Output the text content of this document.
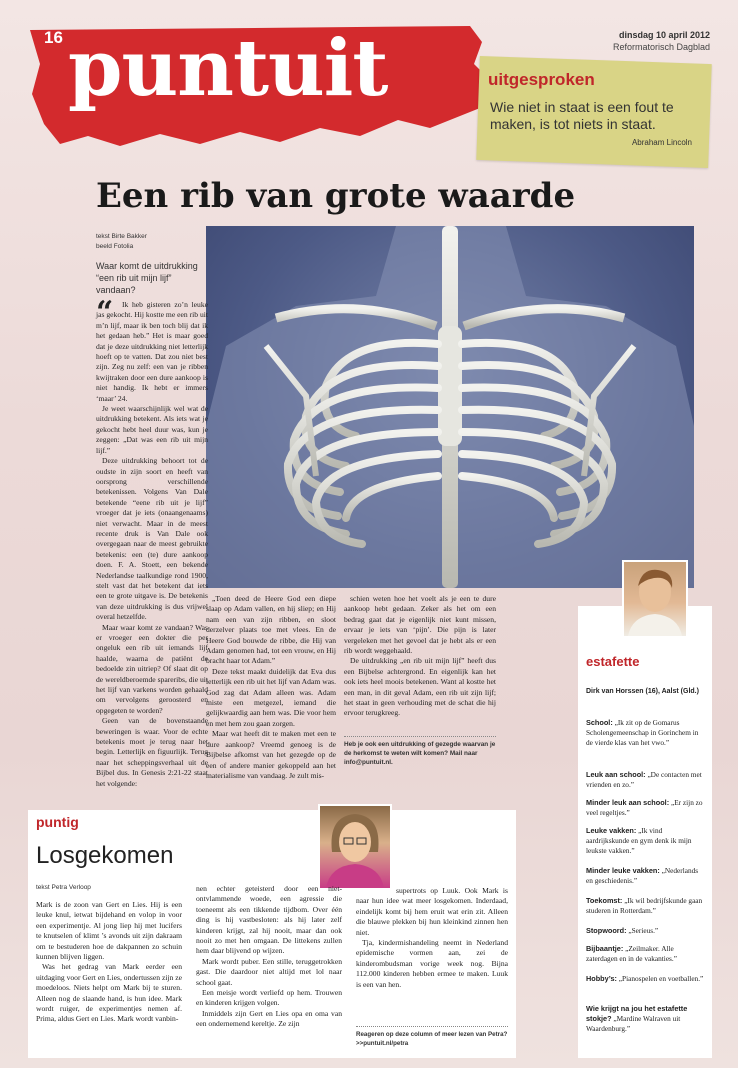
16 puntuit	dinsdag 10 april 2012
Reformatorisch Dagblad
uitgesproken
Wie niet in staat is een fout te maken, is tot niets in staat.
Abraham Lincoln
Een rib van grote waarde
tekst Birte Bakker
beeld Fotolia
Waar komt de uitdrukking “een rib uit mijn lijf” vandaan?
“	Ik heb gisteren zo’n leuke jas gekocht. Hij kostte me een rib uit m’n lijf, maar ik ben toch blij dat ik het gedaan heb.” Het is maar goed dat je deze uitdrukking niet letterlijk hoeft op te vatten. Dat zou niet best zijn. Zeg nu zelf: een van je ribben kwijtraken door een dure aankoop is niet handig. Ik hebt er immers ‘maar’ 24.

Je weet waarschijnlijk wel wat de uitdrukking betekent. Als iets wat je gekocht hebt heel duur was, kun je zeggen: „Dat was een rib uit mijn lijf.”

Deze uitdrukking behoort tot de oudste in zijn soort en heeft van oorsprong verschillende betekenissen. Volgens Van Dale betekende “eene rib uit je lijf” vroeger dat je iets (onaangenaams) niet verwacht. Maar in de meest recente druk is Van Dale ook overgegaan naar de meest gebruikte betekenis: een (te) dure aankoop doen. F. A. Stoett, een bekende Nederlandse taalkundige rond 1900, stelt vast dat het betekent dat iets een te grote uitgave is. De betekenis van deze uitdrukking is dus vrijwel overal hetzelfde.

Maar waar komt ze vandaan? Was er vroeger een dokter die per ongeluk een rib uit iemands lijf haalde, waarna de patiënt de bedoelde zin uitriep? Of slaat dit op de wereldberoemde spareribs, die uit het lijf van varkens worden gehaald om vervolgens geroosterd en opgegeten te worden?

Geen van de bovenstaande beweringen is waar. Voor de echte betekenis moet je terug naar het begin. Letterlijk en figuurlijk. Terug naar het scheppingsverhaal uit de Bijbel dus. In Genesis 2:21-22 staat het volgende:

„Toen deed de Heere God een diepe slaap op Adam vallen, en hij sliep; en Hij nam een van zijn ribben, en sloot derzelver plaats toe met vlees. En de Heere God bouwde de ribbe, die Hij van Adam genomen had, tot een vrouw, en Hij bracht haar tot Adam.”

Deze tekst maakt duidelijk dat Eva dus letterlijk een rib uit het lijf van Adam was. God zag dat Adam alleen was. Adam miste een metgezel, iemand die gelijkwaardig aan hem was. Die voor hem en met hem zou gaan zorgen.

Maar wat heeft dit te maken met een te dure aankoop? Vreemd genoeg is de Bijbelse afkomst van het gezegde op de een of andere manier gekoppeld aan het materialisme van vandaag. Je zult mis-

schien weten hoe het voelt als je een te dure aankoop hebt gedaan. Zeker als het om een bedrag gaat dat je eigenlijk niet kunt missen, ervaar je iets van ‘pijn’. Die pijn is later vergeleken met het gevoel dat je hebt als er een rib wordt weggehaald.

De uitdrukking „en rib uit mijn lijf” heeft dus een Bijbelse achtergrond. En eigenlijk kan het ook iets heel moois betekenen. Want al kostte het een man, in dit geval Adam, een rib uit zijn lijf; het staat in geen verhouding met de schat die hij ervoor terugkreeg.

Heb je ook een uitdrukking of gezegde waarvan je de herkomst te weten wilt komen? Mail naar info@puntuit.nl.
estafette
Dirk van Horssen (16), Aalst (Gld.)
School: „Ik zit op de Gomarus Scholengemeenschap in Gorinchem in de vierde klas van het vwo.”
Leuk aan school: „De contacten met vrienden en zo.”
Minder leuk aan school: „Er zijn zo veel regeltjes.”
Leuke vakken: „Ik vind aardrijkskunde en gym denk ik mijn leukste vakken.”
Minder leuke vakken: „Nederlands en geschiedenis.”
Toekomst: „Ik wil bedrijfskunde gaan studeren in Rotterdam.”
Stopwoord: „Serieus.”
Bijbaantje: „Zeilmaker. Alle zaterdagen en in de vakanties.”
Hobby’s: „Pianospelen en voetballen.”
Wie krijgt na jou het estafette stokje? „Mardine Walraven uit Waardenburg.”
puntig
Losgekomen
tekst Petra Verloop

Mark is de zoon van Gert en Lies. Hij is een leuke knul, ietwat bijdehand en volop in voor een experimentje. Al jong liep hij met lucifers te knutselen of klimt ’s avonds uit zijn dakraam om te bestuderen hoe de dakpannen zo schuin kunnen blijven liggen.

Was het gedrag van Mark eerder een uitdaging voor Gert en Lies, ondertussen zijn ze moedeloos. Niets helpt om Mark bij te sturen. Alleen nog de slaande hand, is hun idee. Mark wordt ruiger, de experimentjes nemen af. Prima, aldus Gert en Lies. Mark wordt vanbin-

nen echter geteisterd door een niet-ontvlammende woede, een agressie die toeneemt als een tikkende tijdbom. Over één ding is hij vastbesloten: als hij later zelf kinderen krijgt, zal hij nooit, maar dan ook nooit zo met hen omgaan. De littekens zullen hem daar blijvend op wijzen.

Mark wordt puber. Een stille, teruggetrokken gast. Die daardoor niet altijd met lol naar school gaat.

Een meisje wordt verliefd op hem. Trouwen en kinderen krijgen volgen.

Inmiddels zijn Gert en Lies opa en oma van een ondernemend kereltje. Ze zijn

supertrots op Luuk. Ook Mark is naar hun idee wat meer losgekomen. Inderdaad, eindelijk komt bij hem eruit wat erin zit. Alleen die blauwe plekken bij hun kleinkind zinnen hen niet.

Tja, kindermishandeling neemt in Nederland epidemische vormen aan, zei de kinderombudsman vorige week nog. Bijna 112.000 kinderen hebben ermee te maken. Luuk is een van hen.

Reageren op deze column of meer lezen van Petra? >>puntuit.nl/petra
